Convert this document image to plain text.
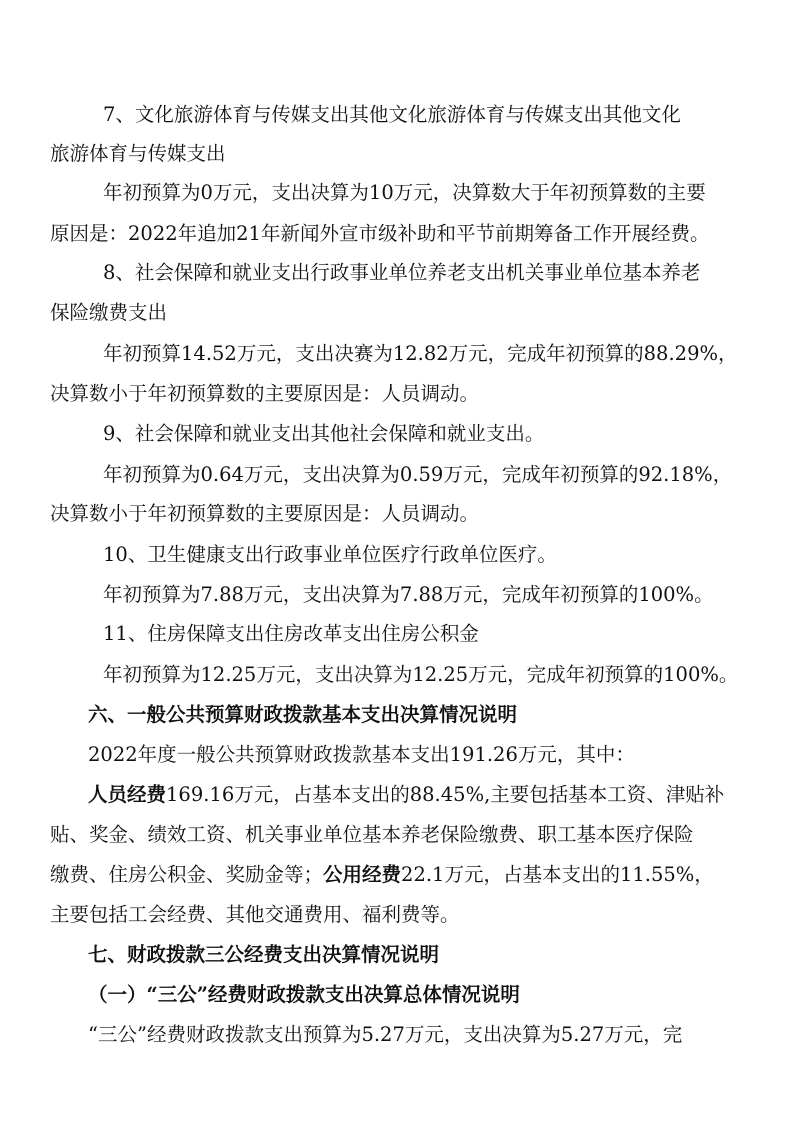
7、文化旅游体育与传媒支出其他文化旅游体育与传媒支出其他文化
旅游体育与传媒支出
年初预算为0万元，支出决算为10万元，决算数大于年初预算数的主要
原因是：2022年追加21年新闻外宣市级补助和平节前期筹备工作开展经费。
8、社会保障和就业支出行政事业单位养老支出机关事业单位基本养老
保险缴费支出
年初预算14.52万元，支出决赛为12.82万元，完成年初预算的88.29%，
决算数小于年初预算数的主要原因是：人员调动。
9、社会保障和就业支出其他社会保障和就业支出。
年初预算为0.64万元，支出决算为0.59万元，完成年初预算的92.18%，
决算数小于年初预算数的主要原因是：人员调动。
10、卫生健康支出行政事业单位医疗行政单位医疗。
年初预算为7.88万元，支出决算为7.88万元，完成年初预算的100%。
11、住房保障支出住房改革支出住房公积金
年初预算为12.25万元，支出决算为12.25万元，完成年初预算的100%。
六、一般公共预算财政拨款基本支出决算情况说明
2022年度一般公共预算财政拨款基本支出191.26万元，其中：
人员经费169.16万元，占基本支出的88.45%,主要包括基本工资、津贴补
贴、奖金、绩效工资、机关事业单位基本养老保险缴费、职工基本医疗保险
缴费、住房公积金、奖励金等；公用经费22.1万元，占基本支出的11.55%，
主要包括工会经费、其他交通费用、福利费等。
七、财政拨款三公经费支出决算情况说明
（一）“三公”经费财政拨款支出决算总体情况说明
“三公”经费财政拨款支出预算为5.27万元，支出决算为5.27万元，完
